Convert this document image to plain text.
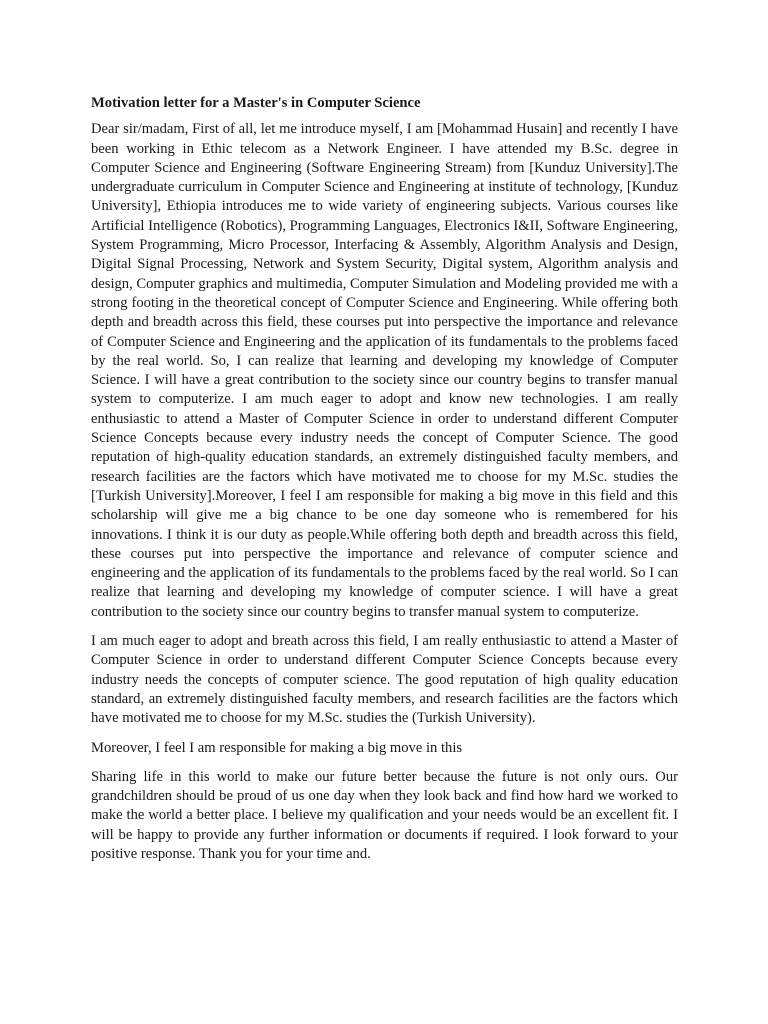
Motivation letter for a Master's in Computer Science

Dear sir/madam, First of all, let me introduce myself, I am [Mohammad Husain] and recently I have been working in Ethic telecom as a Network Engineer. I have attended my B.Sc. degree in Computer Science and Engineering (Software Engineering Stream) from [Kunduz University].The undergraduate curriculum in Computer Science and Engineering at institute of technology, [Kunduz University], Ethiopia introduces me to wide variety of engineering subjects. Various courses like Artificial Intelligence (Robotics), Programming Languages, Electronics I&II, Software Engineering, System Programming, Micro Processor, Interfacing & Assembly, Algorithm Analysis and Design, Digital Signal Processing, Network and System Security, Digital system, Algorithm analysis and design, Computer graphics and multimedia, Computer Simulation and Modeling provided me with a strong footing in the theoretical concept of Computer Science and Engineering. While offering both depth and breadth across this field, these courses put into perspective the importance and relevance of Computer Science and Engineering and the application of its fundamentals to the problems faced by the real world. So, I can realize that learning and developing my knowledge of Computer Science. I will have a great contribution to the society since our country begins to transfer manual system to computerize. I am much eager to adopt and know new technologies. I am really enthusiastic to attend a Master of Computer Science in order to understand different Computer Science Concepts because every industry needs the concept of Computer Science. The good reputation of high-quality education standards, an extremely distinguished faculty members, and research facilities are the factors which have motivated me to choose for my M.Sc. studies the [Turkish University].Moreover, I feel I am responsible for making a big move in this field and this scholarship will give me a big chance to be one day someone who is remembered for his innovations. I think it is our duty as people.While offering both depth and breadth across this field, these courses put into perspective the importance and relevance of computer science and engineering and the application of its fundamentals to the problems faced by the real world. So I can realize that learning and developing my knowledge of computer science. I will have a great contribution to the society since our country begins to transfer manual system to computerize.

I am much eager to adopt and breath across this field, I am really enthusiastic to attend a Master of Computer Science in order to understand different Computer Science Concepts because every industry needs the concepts of computer science. The good reputation of high quality education standard, an extremely distinguished faculty members, and research facilities are the factors which have motivated me to choose for my M.Sc. studies the (Turkish University).

Moreover, I feel I am responsible for making a big move in this

Sharing life in this world to make our future better because the future is not only ours. Our grandchildren should be proud of us one day when they look back and find how hard we worked to make the world a better place. I believe my qualification and your needs would be an excellent fit. I will be happy to provide any further information or documents if required. I look forward to your positive response. Thank you for your time and.
